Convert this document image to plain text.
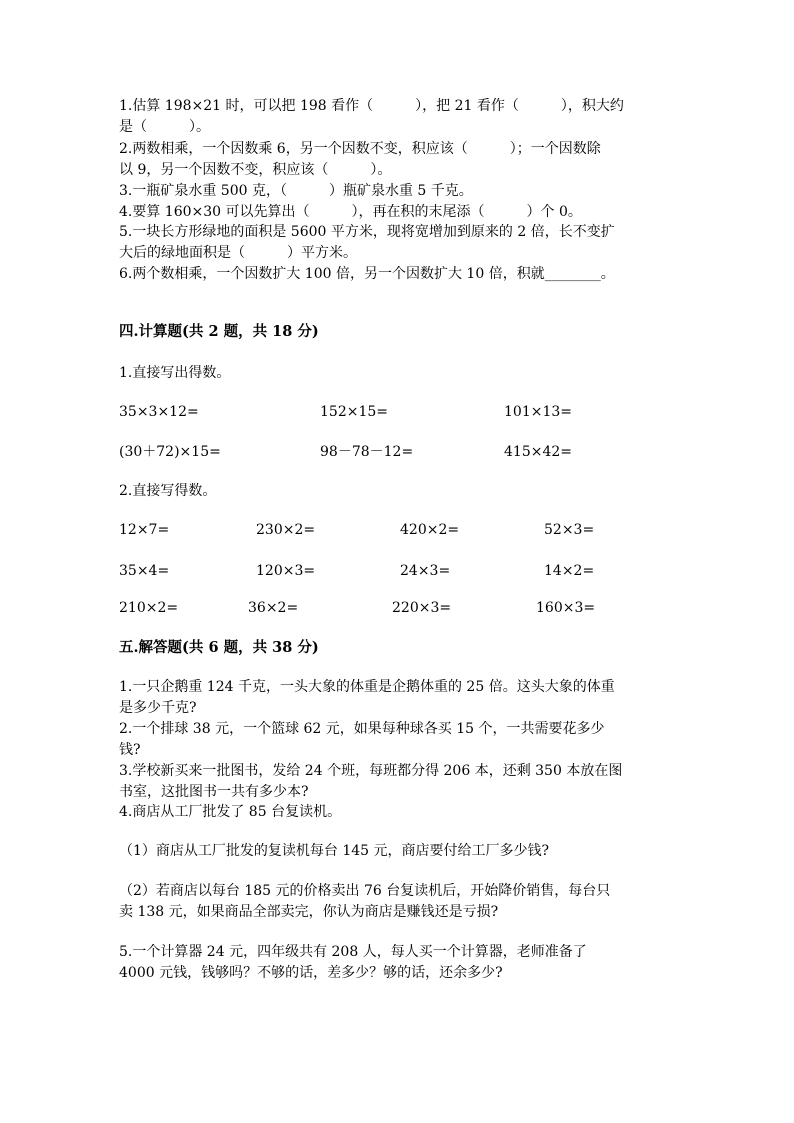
1.估算 198×21 时，可以把 198 看作（　　　），把 21 看作（　　　），积大约
是（　　　）。
2.两数相乘，一个因数乘 6，另一个因数不变，积应该（　　　）；一个因数除
以 9，另一个因数不变，积应该（　　　）。
3.一瓶矿泉水重 500 克，（　　　）瓶矿泉水重 5 千克。
4.要算 160×30 可以先算出（　　　），再在积的末尾添（　　　）个 0。
5.一块长方形绿地的面积是 5600 平方米，现将宽增加到原来的 2 倍，长不变扩
大后的绿地面积是（　　　）平方米。
6.两个数相乘，一个因数扩大 100 倍，另一个因数扩大 10 倍，积就________。
四.计算题(共 2 题，共 18 分)
1.直接写出得数。
35×3×12=	152×15=	101×13=
(30＋72)×15=	98－78－12=	415×42=
2.直接写得数。
12×7=	230×2=	420×2=	52×3=
35×4=	120×3=	24×3=	14×2=
210×2=	36×2=	220×3=	160×3=
五.解答题(共 6 题，共 38 分)
1.一只企鹅重 124 千克，一头大象的体重是企鹅体重的 25 倍。这头大象的体重
是多少千克?
2.一个排球 38 元，一个篮球 62 元，如果每种球各买 15 个，一共需要花多少
钱?
3.学校新买来一批图书，发给 24 个班，每班都分得 206 本，还剩 350 本放在图
书室，这批图书一共有多少本?
4.商店从工厂批发了 85 台复读机。
（1）商店从工厂批发的复读机每台 145 元，商店要付给工厂多少钱?
（2）若商店以每台 185 元的价格卖出 76 台复读机后，开始降价销售，每台只
卖 138 元，如果商品全部卖完，你认为商店是赚钱还是亏损?
5.一个计算器 24 元，四年级共有 208 人，每人买一个计算器，老师准备了
4000 元钱，钱够吗？不够的话，差多少？够的话，还余多少?
